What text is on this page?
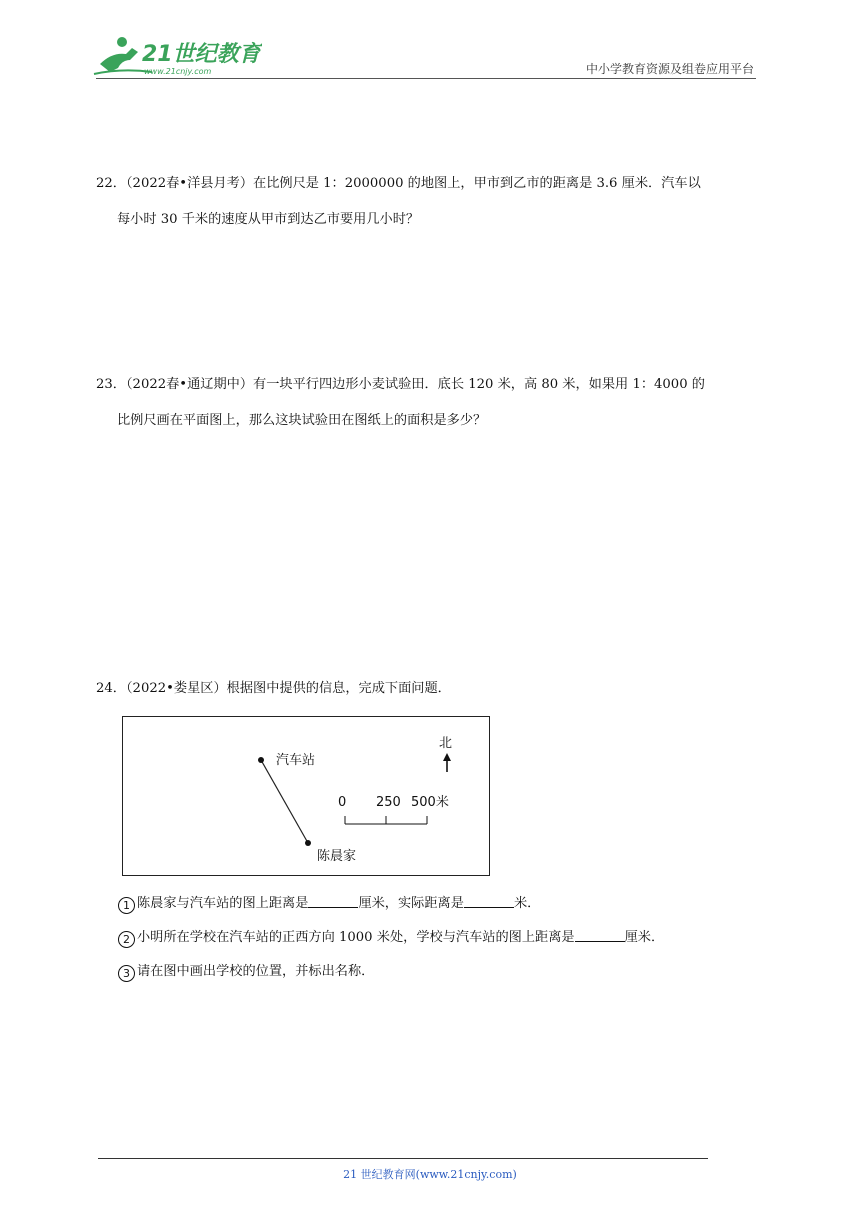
21世纪教育
www.21cnjy.com	中小学教育资源及组卷应用平台
22．（2022春•洋县月考）在比例尺是 1：2000000 的地图上，甲市到乙市的距离是 3.6 厘米．汽车以
每小时 30 千米的速度从甲市到达乙市要用几小时？
23．（2022春•通辽期中）有一块平行四边形小麦试验田．底长 120 米，高 80 米，如果用 1：4000 的
比例尺画在平面图上，那么这块试验田在图纸上的面积是多少？
24．（2022•娄星区）根据图中提供的信息，完成下面问题．
汽车站
陈晨家
北
0 250 500米
1 陈晨家与汽车站的图上距离是	厘米，实际距离是	米．
2 小明所在学校在汽车站的正西方向 1000 米处，学校与汽车站的图上距离是	厘米．
3 请在图中画出学校的位置，并标出名称．
21 世纪教育网(www.21cnjy.com)
